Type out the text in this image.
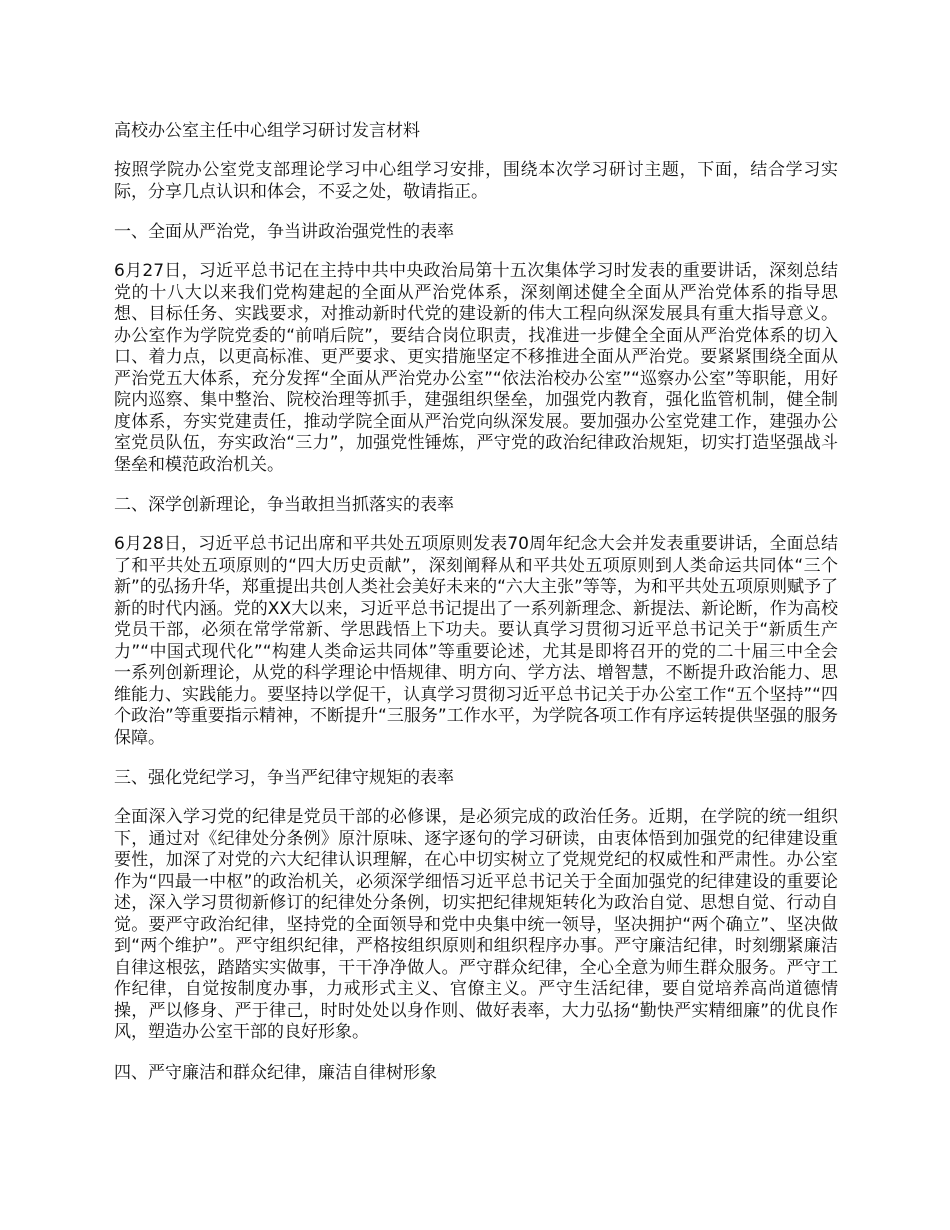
高校办公室主任中心组学习研讨发言材料

按照学院办公室党支部理论学习中心组学习安排，围绕本次学习研讨主题，下面，结合学习实际，分享几点认识和体会，不妥之处，敬请指正。

一、全面从严治党，争当讲政治强党性的表率

6月27日，习近平总书记在主持中共中央政治局第十五次集体学习时发表的重要讲话，深刻总结党的十八大以来我们党构建起的全面从严治党体系，深刻阐述健全全面从严治党体系的指导思想、目标任务、实践要求，对推动新时代党的建设新的伟大工程向纵深发展具有重大指导意义。办公室作为学院党委的“前哨后院”，要结合岗位职责，找准进一步健全全面从严治党体系的切入口、着力点，以更高标准、更严要求、更实措施坚定不移推进全面从严治党。要紧紧围绕全面从严治党五大体系，充分发挥“全面从严治党办公室”“依法治校办公室”“巡察办公室”等职能，用好院内巡察、集中整治、院校治理等抓手，建强组织堡垒，加强党内教育，强化监管机制，健全制度体系，夯实党建责任，推动学院全面从严治党向纵深发展。要加强办公室党建工作，建强办公室党员队伍，夯实政治“三力”，加强党性锤炼，严守党的政治纪律政治规矩，切实打造坚强战斗堡垒和模范政治机关。

二、深学创新理论，争当敢担当抓落实的表率

6月28日，习近平总书记出席和平共处五项原则发表70周年纪念大会并发表重要讲话，全面总结了和平共处五项原则的“四大历史贡献”，深刻阐释从和平共处五项原则到人类命运共同体“三个新”的弘扬升华，郑重提出共创人类社会美好未来的“六大主张”等等，为和平共处五项原则赋予了新的时代内涵。党的XX大以来，习近平总书记提出了一系列新理念、新提法、新论断，作为高校党员干部，必须在常学常新、学思践悟上下功夫。要认真学习贯彻习近平总书记关于“新质生产力”“中国式现代化”“构建人类命运共同体”等重要论述，尤其是即将召开的党的二十届三中全会一系列创新理论，从党的科学理论中悟规律、明方向、学方法、增智慧，不断提升政治能力、思维能力、实践能力。要坚持以学促干，认真学习贯彻习近平总书记关于办公室工作“五个坚持”“四个政治”等重要指示精神，不断提升“三服务”工作水平，为学院各项工作有序运转提供坚强的服务保障。

三、强化党纪学习，争当严纪律守规矩的表率

全面深入学习党的纪律是党员干部的必修课，是必须完成的政治任务。近期，在学院的统一组织下，通过对《纪律处分条例》原汁原味、逐字逐句的学习研读，由衷体悟到加强党的纪律建设重要性，加深了对党的六大纪律认识理解，在心中切实树立了党规党纪的权威性和严肃性。办公室作为“四最一中枢”的政治机关，必须深学细悟习近平总书记关于全面加强党的纪律建设的重要论述，深入学习贯彻新修订的纪律处分条例，切实把纪律规矩转化为政治自觉、思想自觉、行动自觉。要严守政治纪律，坚持党的全面领导和党中央集中统一领导，坚决拥护“两个确立”、坚决做到“两个维护”。严守组织纪律，严格按组织原则和组织程序办事。严守廉洁纪律，时刻绷紧廉洁自律这根弦，踏踏实实做事，干干净净做人。严守群众纪律，全心全意为师生群众服务。严守工作纪律，自觉按制度办事，力戒形式主义、官僚主义。严守生活纪律，要自觉培养高尚道德情操，严以修身、严于律己，时时处处以身作则、做好表率，大力弘扬“勤快严实精细廉”的优良作风，塑造办公室干部的良好形象。

四、严守廉洁和群众纪律，廉洁自律树形象
